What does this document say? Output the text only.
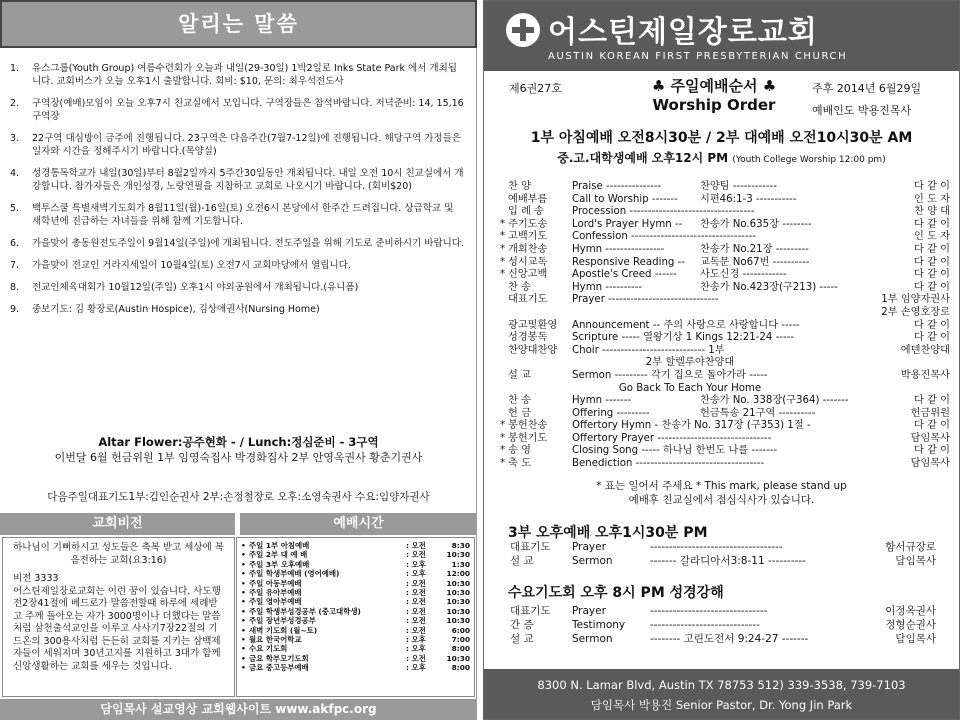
알리는 말씀
1. 유스그룹(Youth Group) 여름수련회가 오늘과 내일(29-30일) 1박2일로 Inks State Park 에서 개최됩니다. 교회버스가 오늘 오후1시 출발합니다. 회비: $10, 문의: 최우석전도사
2. 구역장(예배)모임이 오늘 오후7시 친교실에서 모입니다. 구역장들은 참석바랍니다. 저녁준비: 14, 15,16구역장
3. 22구역 대심방이 금주에 진행됩니다. 23구역은 다음주간(7월7-12일)에 진행됩니다. 해당구역 가정들은 일자와 시간을 정해주시기 바랍니다.(목양실)
4. 성경통독학교가 내일(30일)부터 8월2일까지 5주간30일동안 개최됩니다. 내일 오전 10시 친교실에서 개강합니다. 참가자들은 개인성경, 노랑연필을 지참하고 교회로 나오시기 바랍니다. (회비$20)
5. 백투스쿨 특별새벽기도회가 8월11일(월)-16일(토) 오전6시 본당에서 한주간 드려집니다. 상급학교 및 새학년에 진급하는 자녀들을 위해 함께 기도합니다.
6. 가을맞이 총동원전도주일이 9월14일(주일)에 개최됩니다. 전도주일을 위해 기도로 준비하시기 바랍니다.
7. 가을맞이 전교인 거라지세일이 10월4일(토) 오전7시 교회마당에서 열립니다.
8. 전교인체육대회가 10월12일(주일) 오후1시 야외공원에서 개최됩니다.(유니폼)
9. 중보기도: 김 황장로(Austin Hospice), 김상애권사(Nursing Home)
Altar Flower:공주현화 - / Lunch:정심준비 - 3구역
이번달 6월 헌금위원 1부 임영숙집사 박경화집사 2부 안영옥권사 황춘기권사
다음주일대표기도1부:김인순권사 2부:손정철장로 오후:소영숙권사 수요:임양자권사
교회비전	예배시간
하나님이 기뻐하시고 성도들은 축복 받고 세상에 복음전하는 교회(요3:16)
비전 3333
어스틴제일장로교회는 이런 꿈이 있습니다. 사도행전2장41절에 베드로가 말씀전할때 하루에 세례받고 주께 돌아오는 자가 3000명이나 더했다는 말씀처럼 삼천출석교인을 이루고 사사기7장22절의 기드온의 300용사처럼 든든히 교회를 지키는 삼백제자들이 세워지며 30년고지를 지원하고 3대가 함께 신앙생활하는 교회를 세우는 것입니다.
• 주일 1부 아침예배	: 오전	8:30
• 주일 2부 대 예 배	: 오전	10:30
• 주일 3부 오후예배	: 오후	1:30
• 주일 학생부예배 (영어예배)	: 오후	12:00
• 주일 아동부예배	: 오전	10:30
• 주일 유아부예배	: 오전	10:30
• 주일 영아부예배	: 오전	10:30
• 주일 학생부성경공부 (중고대학생)	: 오전	10:30
• 주일 장년부성경공부	: 오전	10:30
• 새벽 기도회 (월~토)	: 오전	6:00
• 월요 한국어학교	: 오후	7:00
• 수요 기도회	: 오후	8:00
• 금요 학부모기도회	: 오전	10:30
• 금요 중고등부예배	: 오후	8:00
담임목사 설교영상 교회웹사이트 www.akfpc.org
어스틴제일장로교회
AUSTIN KOREAN FIRST PRESBYTERIAN CHURCH
제6권27호	♣ 주일예배순서 ♣
Worship Order
주후 2014년 6월29일
예배인도 박용진목사
1부 아침예배 오전8시30분 / 2부 대예배 오전10시30분 AM
중.고.대학생예배 오후12시 PM (Youth College Worship 12:00 pm)
찬 양	Praise ---------------	찬양팀 ------------	다 같 이
예배부름	Call to Worship ------- 시편46:1-3 -----------	인 도 자
입 례 송	Procession ----------------------------------	찬 양 대
* 주기도송	Lord's Prayer Hymn -- 찬송가 No.635장 --------	다 같 이
* 고백기도	Confession ----------------------------------	인 도 자
* 개회찬송	Hymn ----------------	찬송가 No.21장 ---------	다 같 이
* 성시교독	Responsive Reading -- 교독문 No67번 ----------	다 같 이
* 신앙고백	Apostle's Creed ------ 사도신경 ------------	다 같 이
찬 송	Hymn ----------	찬송가 No.423장(구213) -----	다 같 이
대표기도	Prayer ------------------------------	1부 임양자권사
2부 손영호장로
광고및환영	Announcement -- 주의 사랑으로 사랑합니다 -----	다 같 이
성경봉독	Scripture ----- 열왕기상 1 Kings 12:21-24 -----	다 같 이
찬양대찬양	Choir ---------------------------- 1부	에덴찬양대
2부 할렐루야찬양대
설 교	Sermon --------- 각기 집으로 돌아가라 -----	박용진목사
Go Back To Each Your Home
찬 송	Hymn -------	찬송가 No. 338장(구364) -------	다 같 이
헌 금	Offering ---------	헌금특송 21구역 ----------	헌금위원
* 봉헌찬송	Offertory Hymn - 찬송가 No. 317장 (구353) 1절 -	다 같 이
* 봉헌기도	Offertory Prayer -------------------------------	담임목사
* 송 영	Closing Song ----- 하나님 한번도 나를 -------	다 같 이
* 축 도	Benediction -----------------------------------	담임목사
* 표는 일어서 주세요 * This mark, please stand up
예배후 친교실에서 점심식사가 있습니다.
3부 오후예배 오후1시30분 PM
대표기도 Prayer	-----------------------------------	함서규장로
설 교	Sermon	------- 갈라디아서3:8-11 ----------	담임목사
수요기도회 오후 8시 PM 성경강해
대표기도 Prayer	-------------------------------	이정옥권사
간 증	Testimony -----------------------------	정형순권사
설 교	Sermon	-------- 고린도전서 9:24-27 -------	담임목사
8300 N. Lamar Blvd, Austin TX 78753 512) 339-3538, 739-7103
담임목사 박용진 Senior Pastor, Dr. Yong Jin Park
